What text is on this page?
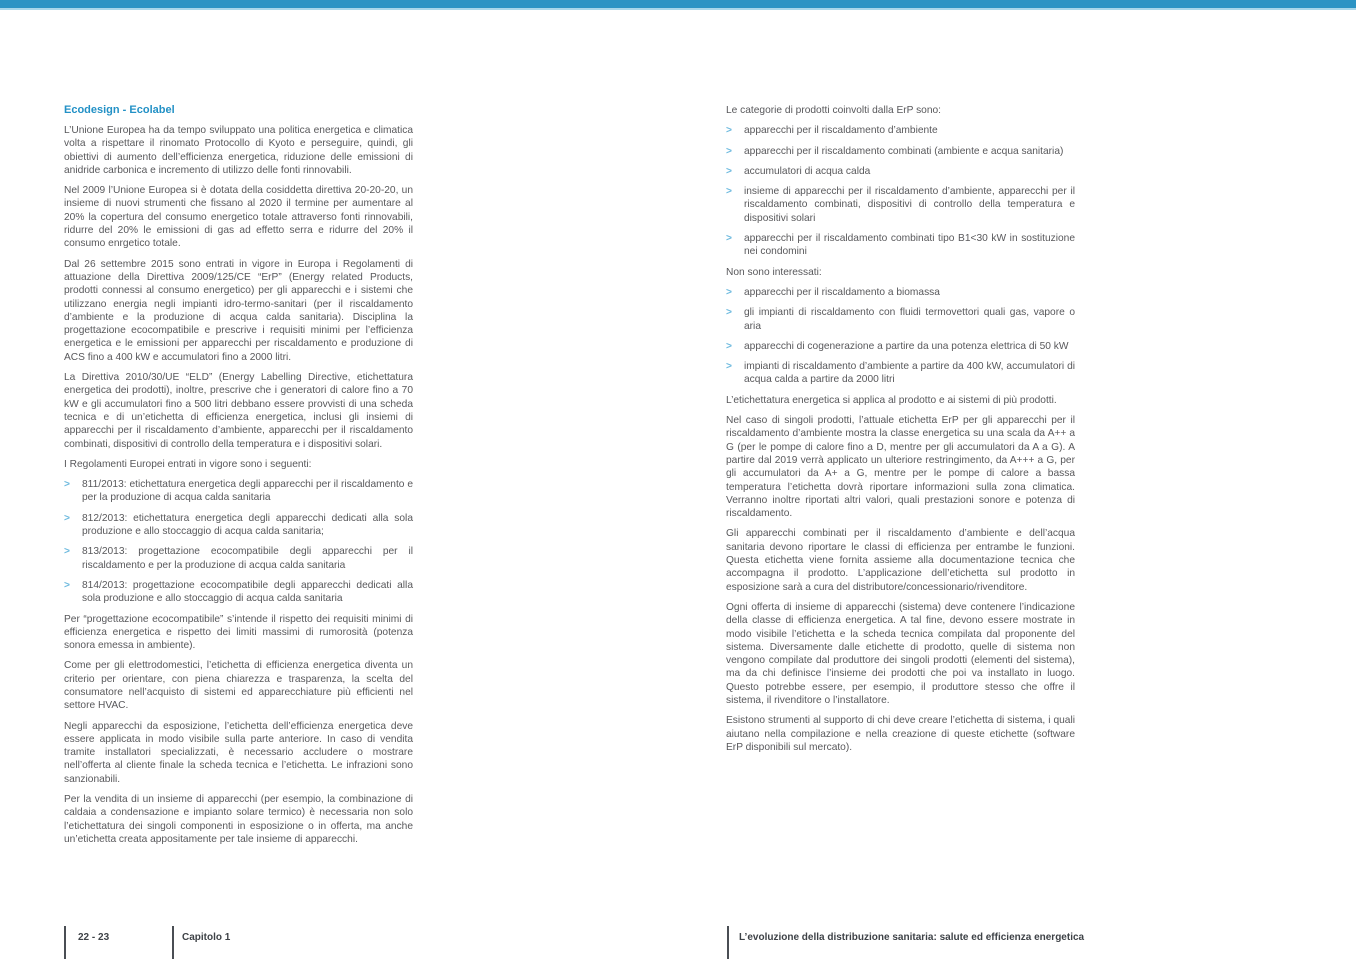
Ecodesign - Ecolabel

L’Unione Europea ha da tempo sviluppato una politica energetica e climatica volta a rispettare il rinomato Protocollo di Kyoto e perseguire, quindi, gli obiettivi di aumento dell’efficienza energetica, riduzione delle emissioni di anidride carbonica e incremento di utilizzo delle fonti rinnovabili.

Nel 2009 l’Unione Europea si è dotata della cosiddetta direttiva 20-20-20, un insieme di nuovi strumenti che fissano al 2020 il termine per aumentare al 20% la copertura del consumo energetico totale attraverso fonti rinnovabili, ridurre del 20% le emissioni di gas ad effetto serra e ridurre del 20% il consumo enrgetico totale.

Dal 26 settembre 2015 sono entrati in vigore in Europa i Regolamenti di attuazione della Direttiva 2009/125/CE “ErP” (Energy related Products, prodotti connessi al consumo energetico) per gli apparecchi e i sistemi che utilizzano energia negli impianti idro-termo-sanitari (per il riscaldamento d’ambiente e la produzione di acqua calda sanitaria). Disciplina la progettazione ecocompatibile e prescrive i requisiti minimi per l’efficienza energetica e le emissioni per apparecchi per riscaldamento e produzione di ACS fino a 400 kW e accumulatori fino a 2000 litri.

La Direttiva 2010/30/UE “ELD” (Energy Labelling Directive, etichettatura energetica dei prodotti), inoltre, prescrive che i generatori di calore fino a 70 kW e gli accumulatori fino a 500 litri debbano essere provvisti di una scheda tecnica e di un’etichetta di efficienza energetica, inclusi gli insiemi di apparecchi per il riscaldamento d’ambiente, apparecchi per il riscaldamento combinati, dispositivi di controllo della temperatura e i dispositivi solari.

I Regolamenti Europei entrati in vigore sono i seguenti:

>	811/2013: etichettatura energetica degli apparecchi per il riscaldamento e per la produzione di acqua calda sanitaria
>	812/2013: etichettatura energetica degli apparecchi dedicati alla sola produzione e allo stoccaggio di acqua calda sanitaria;
>	813/2013: progettazione ecocompatibile degli apparecchi per il riscaldamento e per la produzione di acqua calda sanitaria
>	814/2013: progettazione ecocompatibile degli apparecchi dedicati alla sola produzione e allo stoccaggio di acqua calda sanitaria

Per “progettazione ecocompatibile” s’intende il rispetto dei requisiti minimi di efficienza energetica e rispetto dei limiti massimi di rumorosità (potenza sonora emessa in ambiente).

Come per gli elettrodomestici, l’etichetta di efficienza energetica diventa un criterio per orientare, con piena chiarezza e trasparenza, la scelta del consumatore nell’acquisto di sistemi ed apparecchiature più efficienti nel settore HVAC.

Negli apparecchi da esposizione, l’etichetta dell’efficienza energetica deve essere applicata in modo visibile sulla parte anteriore. In caso di vendita tramite installatori specializzati, è necessario accludere o mostrare nell’offerta al cliente finale la scheda tecnica e l’etichetta. Le infrazioni sono sanzionabili.

Per la vendita di un insieme di apparecchi (per esempio, la combinazione di caldaia a condensazione e impianto solare termico) è necessaria non solo l’etichettatura dei singoli componenti in esposizione o in offerta, ma anche un’etichetta creata appositamente per tale insieme di apparecchi.

Le categorie di prodotti coinvolti dalla ErP sono:

>	apparecchi per il riscaldamento d’ambiente
>	apparecchi per il riscaldamento combinati (ambiente e acqua sanitaria)
>	accumulatori di acqua calda
>	insieme di apparecchi per il riscaldamento d’ambiente, apparecchi per il riscaldamento combinati, dispositivi di controllo della temperatura e dispositivi solari
>	apparecchi per il riscaldamento combinati tipo B1<30 kW in sostituzione nei condomini

Non sono interessati:

>	apparecchi per il riscaldamento a biomassa
>	gli impianti di riscaldamento con fluidi termovettori quali gas, vapore o aria
>	apparecchi di cogenerazione a partire da una potenza elettrica di 50 kW
>	impianti di riscaldamento d’ambiente a partire da 400 kW, accumulatori di acqua calda a partire da 2000 litri

L’etichettatura energetica si applica al prodotto e ai sistemi di più prodotti.

Nel caso di singoli prodotti, l’attuale etichetta ErP per gli apparecchi per il riscaldamento d’ambiente mostra la classe energetica su una scala da A++ a G (per le pompe di calore fino a D, mentre per gli accumulatori da A a G). A partire dal 2019 verrà applicato un ulteriore restringimento, da A+++ a G, per gli accumulatori da A+ a G, mentre per le pompe di calore a bassa temperatura l’etichetta dovrà riportare informazioni sulla zona climatica. Verranno inoltre riportati altri valori, quali prestazioni sonore e potenza di riscaldamento.

Gli apparecchi combinati per il riscaldamento d’ambiente e dell’acqua sanitaria devono riportare le classi di efficienza per entrambe le funzioni. Questa etichetta viene fornita assieme alla documentazione tecnica che accompagna il prodotto. L’applicazione dell’etichetta sul prodotto in esposizione sarà a cura del distributore/concessionario/rivenditore.

Ogni offerta di insieme di apparecchi (sistema) deve contenere l’indicazione della classe di efficienza energetica. A tal fine, devono essere mostrate in modo visibile l’etichetta e la scheda tecnica compilata dal proponente del sistema. Diversamente dalle etichette di prodotto, quelle di sistema non vengono compilate dal produttore dei singoli prodotti (elementi del sistema), ma da chi definisce l’insieme dei prodotti che poi va installato in luogo. Questo potrebbe essere, per esempio, il produttore stesso che offre il sistema, il rivenditore o l’installatore.

Esistono strumenti al supporto di chi deve creare l’etichetta di sistema, i quali aiutano nella compilazione e nella creazione di queste etichette (software ErP disponibili sul mercato).

22 - 23	Capitolo 1	L’evoluzione della distribuzione sanitaria: salute ed efficienza energetica
